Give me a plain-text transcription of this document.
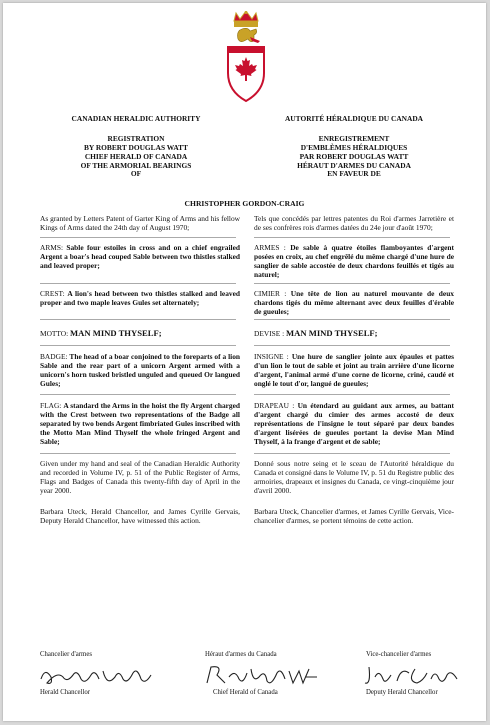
CANADIAN HERALDIC AUTHORITY
REGISTRATION
BY ROBERT DOUGLAS WATT
CHIEF HERALD OF CANADA
OF THE ARMORIAL BEARINGS
OF
AUTORITÉ HÉRALDIQUE DU CANADA
ENREGISTREMENT
D'EMBLÈMES HÉRALDIQUES
PAR ROBERT DOUGLAS WATT
HÉRAUT D'ARMES DU CANADA
EN FAVEUR DE
CHRISTOPHER GORDON-CRAIG
As granted by Letters Patent of Garter King of Arms and his fellow Kings of Arms dated the 24th day of August 1970;
ARMS: Sable four estoiles in cross and on a chief engrailed Argent a boar's head couped Sable between two thistles stalked and leaved proper;
CREST: A lion's head between two thistles stalked and leaved proper and two maple leaves Gules set alternately;
MOTTO: MAN MIND THYSELF;
BADGE: The head of a boar conjoined to the foreparts of a lion Sable and the rear part of a unicorn Argent armed with a unicorn's horn tusked bristled unguled and queued Or langued Gules;
FLAG: A standard the Arms in the hoist the fly Argent charged with the Crest between two representations of the Badge all separated by two bends Argent fimbriated Gules inscribed with the Motto Man Mind Thyself the whole fringed Argent and Sable;
Given under my hand and seal of the Canadian Heraldic Authority and recorded in Volume IV, p. 51 of the Public Register of Arms, Flags and Badges of Canada this twenty-fifth day of April in the year 2000.
Barbara Uteck, Herald Chancellor, and James Cyrille Gervais, Deputy Herald Chancellor, have witnessed this action.
Tels que concédés par lettres patentes du Roi d'armes Jarretière et de ses confrères rois d'armes datées du 24e jour d'août 1970;
ARMES : De sable à quatre étoiles flamboyantes d'argent posées en croix, au chef engrêlé du même chargé d'une hure de sanglier de sable accostée de deux chardons feuillés et tigés au naturel;
CIMIER : Une tête de lion au naturel mouvante de deux chardons tigés du même alternant avec deux feuilles d'érable de gueules;
DEVISE : MAN MIND THYSELF;
INSIGNE : Une hure de sanglier jointe aux épaules et pattes d'un lion le tout de sable et joint au train arrière d'une licorne d'argent, l'animal armé d'une corne de licorne, criné, caudé et onglé le tout d'or, langué de gueules;
DRAPEAU : Un étendard au guidant aux armes, au battant d'argent chargé du cimier des armes accosté de deux représentations de l'insigne le tout séparé par deux bandes d'argent lisérées de gueules portant la devise Man Mind Thyself, à la frange d'argent et de sable;
Donné sous notre seing et le sceau de l'Autorité héraldique du Canada et consigné dans le Volume IV, p. 51 du Registre public des armoiries, drapeaux et insignes du Canada, ce vingt-cinquième jour d'avril 2000.
Barbara Uteck, Chancelier d'armes, et James Cyrille Gervais, Vice-chancelier d'armes, se portent témoins de cette action.
Chancelier d'armes
Herald Chancellor
Héraut d'armes du Canada
Chief Herald of Canada
Vice-chancelier d'armes
Deputy Herald Chancellor
